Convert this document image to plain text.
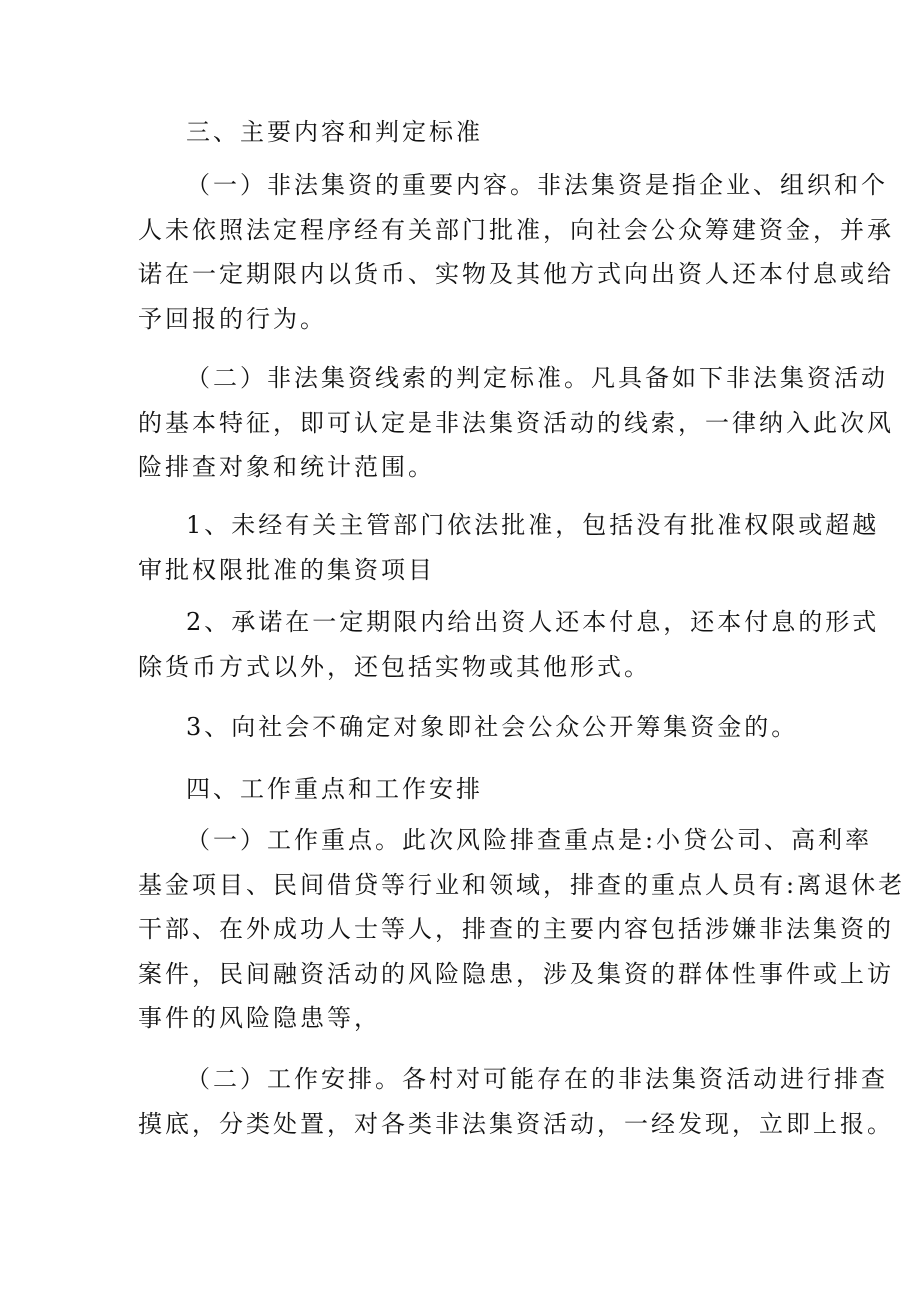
三、主要内容和判定标准
（一）非法集资的重要内容。非法集资是指企业、组织和个
人未依照法定程序经有关部门批准，向社会公众筹建资金，并承
诺在一定期限内以货币、实物及其他方式向出资人还本付息或给
予回报的行为。
（二）非法集资线索的判定标准。凡具备如下非法集资活动
的基本特征，即可认定是非法集资活动的线索，一律纳入此次风
险排查对象和统计范围。
1、未经有关主管部门依法批准，包括没有批准权限或超越
审批权限批准的集资项目
2、承诺在一定期限内给出资人还本付息，还本付息的形式
除货币方式以外，还包括实物或其他形式。
3、向社会不确定对象即社会公众公开筹集资金的。
四、工作重点和工作安排
（一）工作重点。此次风险排查重点是:小贷公司、高利率
基金项目、民间借贷等行业和领域，排查的重点人员有:离退休老
干部、在外成功人士等人，排查的主要内容包括涉嫌非法集资的
案件，民间融资活动的风险隐患，涉及集资的群体性事件或上访
事件的风险隐患等，
（二）工作安排。各村对可能存在的非法集资活动进行排查
摸底，分类处置，对各类非法集资活动，一经发现，立即上报。
